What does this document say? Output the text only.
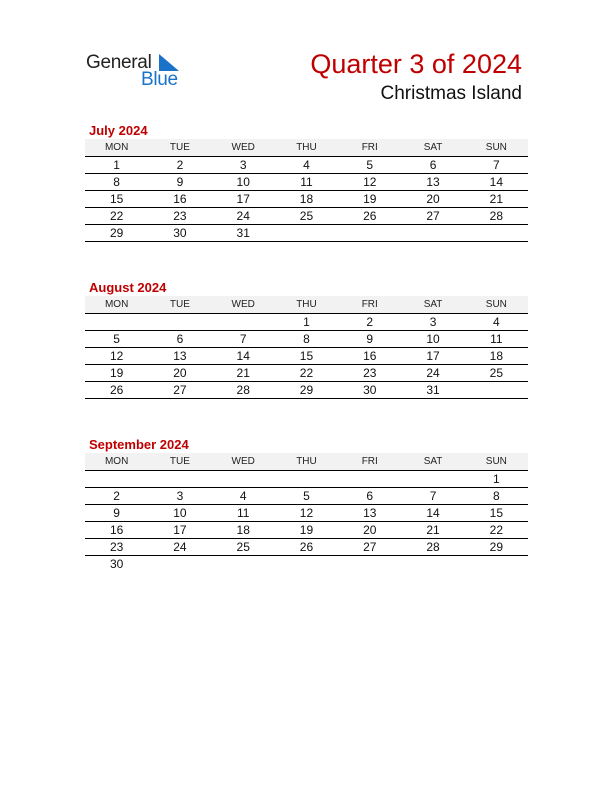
General
Blue
Quarter 3 of 2024
Christmas Island
July 2024
MON	TUE	WED	THU	FRI	SAT	SUN
1	2	3	4	5	6	7
8	9	10	11	12	13	14
15	16	17	18	19	20	21
22	23	24	25	26	27	28
29	30	31				
August 2024
MON	TUE	WED	THU	FRI	SAT	SUN
			1	2	3	4
5	6	7	8	9	10	11
12	13	14	15	16	17	18
19	20	21	22	23	24	25
26	27	28	29	30	31	
September 2024
MON	TUE	WED	THU	FRI	SAT	SUN
						1
2	3	4	5	6	7	8
9	10	11	12	13	14	15
16	17	18	19	20	21	22
23	24	25	26	27	28	29
30						
